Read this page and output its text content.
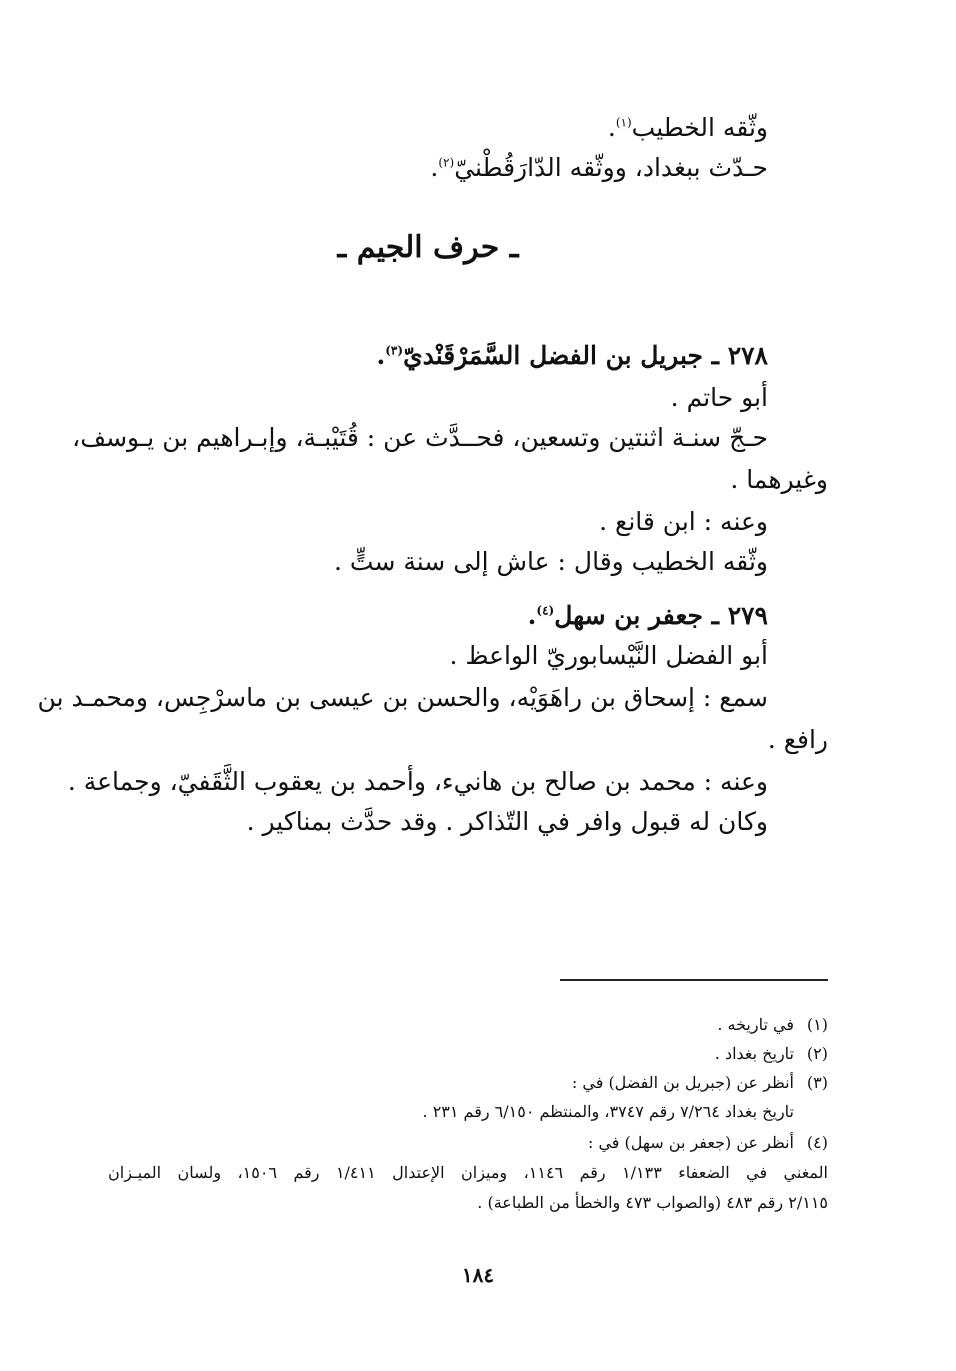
وثّقه الخطيب$^{(١)}$.
حـدّث ببغداد، ووثّقه الدّارَقُطْنيّ$^{(٢)}$.
ـ حرف الجيم ـ
٢٧٨ ـ جبريل بن الفضل السَّمَرْقَنْديّ$^{(٣)}$.
أبو حاتم .
حـجّ سنـة اثنتين وتسعين، فحــدَّث عن : قُتَيْبـة، وإبـراهيم بن يـوسف،
وغيرهما .
وعنه : ابن قانع .
وثّقه الخطيب وقال : عاش إلى سنة ستٍّ .
٢٧٩ ـ جعفر بن سهل$^{(٤)}$.
أبو الفضل النَّيْسابوريّ الواعظ .
سمع : إسحاق بن راهَوَيْه، والحسن بن عيسى بن ماسرْجِس، ومحمـد بن
رافع .
وعنه : محمد بن صالح بن هانيء، وأحمد بن يعقوب الثَّقَفيّ، وجماعة .
وكان له قبول وافر في التّذاكر . وقد حدَّث بمناكير .
(١)في تاريخه .
(٢)تاريخ بغداد .
(٣)أنظر عن (جبريل بن الفضل) في :
تاريخ بغداد ٧/٢٦٤ رقم ٣٧٤٧، والمنتظم ٦/١٥٠ رقم ٢٣١ .
(٤)أنظر عن (جعفر بن سهل) في :
المغني في الضعفاء ١/١٣٣ رقم ١١٤٦، وميزان الإعتدال ١/٤١١ رقم ١٥٠٦، ولسان الميـزان
٢/١١٥ رقم ٤٨٣ (والصواب ٤٧٣ والخطأ من الطباعة) .
١٨٤
